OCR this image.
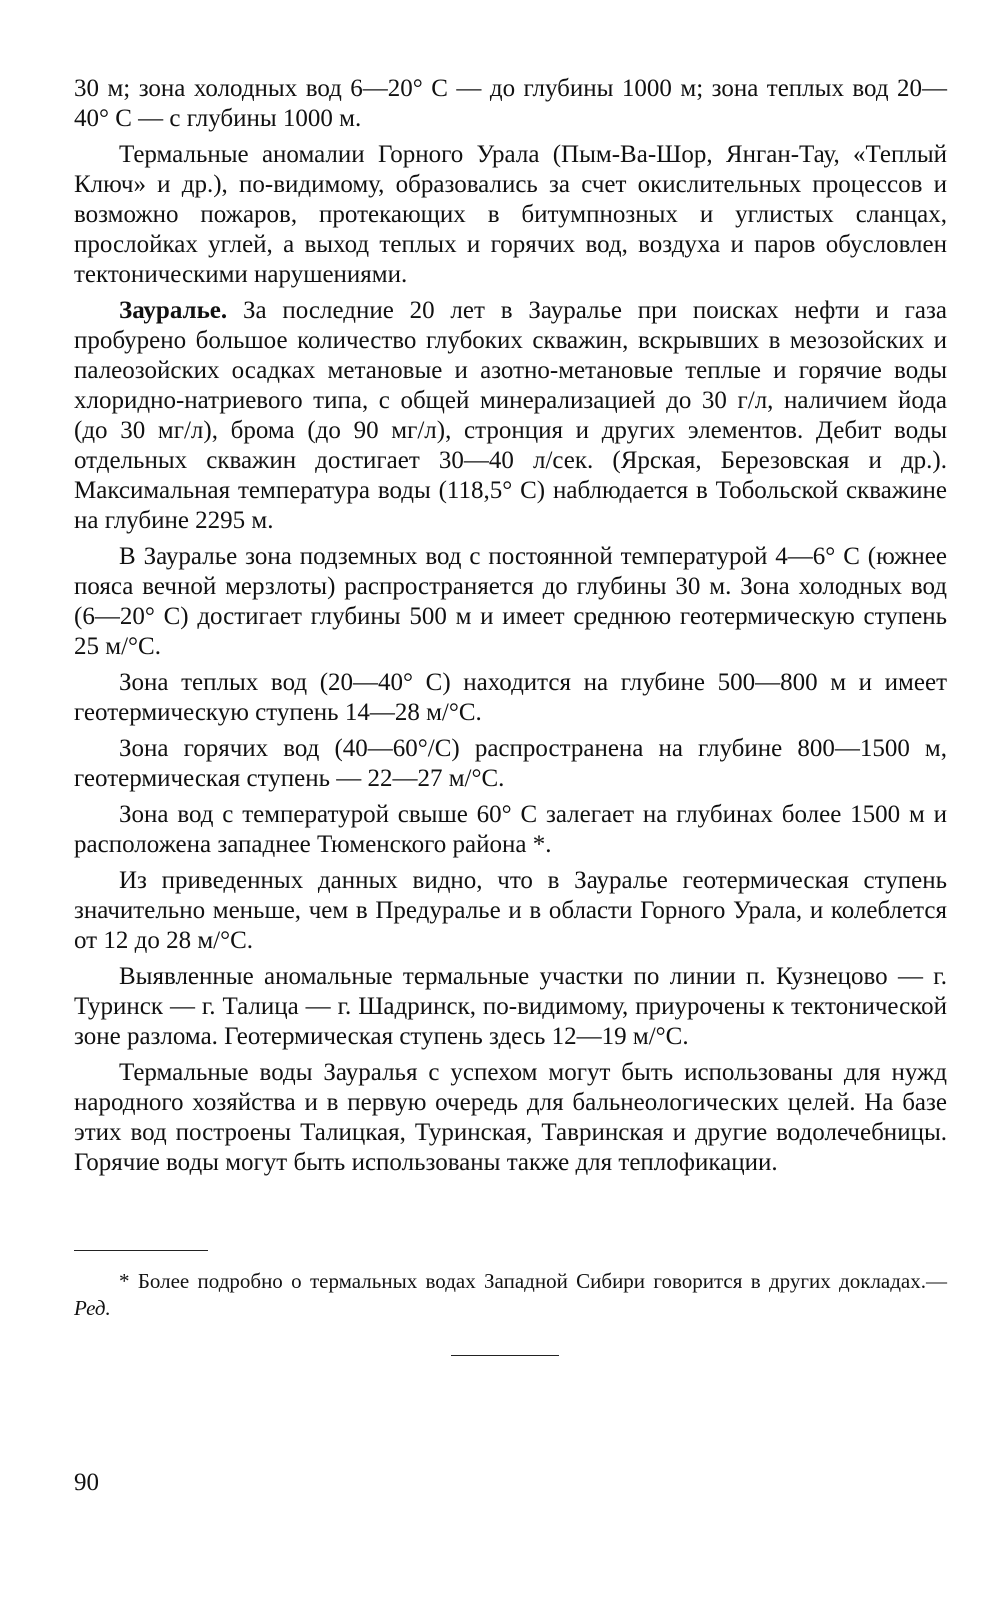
30 м; зона холодных вод 6—20° С — до глубины 1000 м; зона теплых вод 20—40° С — с глубины 1000 м.

Термальные аномалии Горного Урала (Пым-Ва-Шор, Янган-Тау, «Теплый Ключ» и др.), по-видимому, образовались за счет окислительных процессов и возможно пожаров, протекающих в битумпнозных и углистых сланцах, прослойках углей, а выход теплых и горячих вод, воздуха и паров обусловлен тектоническими нарушениями.

Зауралье. За последние 20 лет в Зауралье при поисках нефти и газа пробурено большое количество глубоких скважин, вскрывших в мезозойских и палеозойских осадках метановые и азотно-метановые теплые и горячие воды хлоридно-натриевого типа, с общей минерализацией до 30 г/л, наличием йода (до 30 мг/л), брома (до 90 мг/л), стронция и других элементов. Дебит воды отдельных скважин достигает 30—40 л/сек. (Ярская, Березовская и др.). Максимальная температура воды (118,5° С) наблюдается в Тобольской скважине на глубине 2295 м.

В Зауралье зона подземных вод с постоянной температурой 4—6° С (южнее пояса вечной мерзлоты) распространяется до глубины 30 м. Зона холодных вод (6—20° С) достигает глубины 500 м и имеет среднюю геотермическую ступень 25 м/°С.

Зона теплых вод (20—40° С) находится на глубине 500—800 м и имеет геотермическую ступень 14—28 м/°С.

Зона горячих вод (40—60°/С) распространена на глубине 800—1500 м, геотермическая ступень — 22—27 м/°С.

Зона вод с температурой свыше 60° С залегает на глубинах более 1500 м и расположена западнее Тюменского района *.

Из приведенных данных видно, что в Зауралье геотермическая ступень значительно меньше, чем в Предуралье и в области Горного Урала, и колеблется от 12 до 28 м/°С.

Выявленные аномальные термальные участки по линии п. Кузнецово — г. Туринск — г. Талица — г. Шадринск, по-видимому, приурочены к тектонической зоне разлома. Геотермическая ступень здесь 12—19 м/°С.

Термальные воды Зауралья с успехом могут быть использованы для нужд народного хозяйства и в первую очередь для бальнеологических целей. На базе этих вод построены Талицкая, Туринская, Тавринская и другие водолечебницы. Горячие воды могут быть использованы также для теплофикации.

* Более подробно о термальных водах Западной Сибири говорится в других докладах.— Ред.

90
